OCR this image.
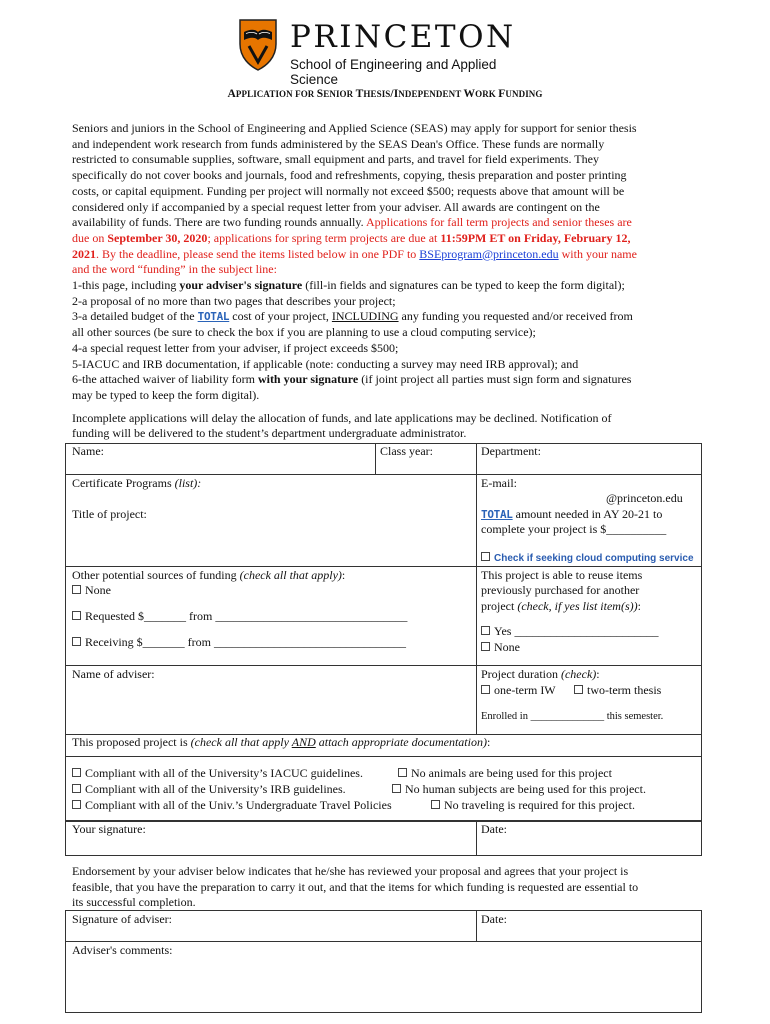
PRINCETON
School of Engineering and Applied Science
APPLICATION FOR SENIOR THESIS/INDEPENDENT WORK FUNDING
Seniors and juniors in the School of Engineering and Applied Science (SEAS) may apply for support for senior thesis
and independent work research from funds administered by the SEAS Dean's Office. These funds are normally
restricted to consumable supplies, software, small equipment and parts, and travel for field experiments. They
specifically do not cover books and journals, food and refreshments, copying, thesis preparation and poster printing
costs, or capital equipment. Funding per project will normally not exceed $500; requests above that amount will be
considered only if accompanied by a special request letter from your adviser. All awards are contingent on the
availability of funds. There are two funding rounds annually. Applications for fall term projects and senior theses are
due on September 30, 2020; applications for spring term projects are due at 11:59PM ET on Friday, February 12,
2021. By the deadline, please send the items listed below in one PDF to BSEprogram@princeton.edu with your name
and the word “funding” in the subject line:
1-this page, including your adviser's signature (fill-in fields and signatures can be typed to keep the form digital);
2-a proposal of no more than two pages that describes your project;
3-a detailed budget of the TOTAL cost of your project, INCLUDING any funding you requested and/or received from
all other sources (be sure to check the box if you are planning to use a cloud computing service);
4-a special request letter from your adviser, if project exceeds $500;
5-IACUC and IRB documentation, if applicable (note: conducting a survey may need IRB approval); and
6-the attached waiver of liability form with your signature (if joint project all parties must sign form and signatures
may be typed to keep the form digital).
Incomplete applications will delay the allocation of funds, and late applications may be declined. Notification of
funding will be delivered to the student’s department undergraduate administrator.
Name:	Class year:	Department:
Certificate Programs (list):
Title of project:
E-mail:
@princeton.edu
TOTAL amount needed in AY 20-21 to
complete your project is $__________
Check if seeking cloud computing service
Other potential sources of funding (check all that apply):
None
Requested $_______ from ________________________________
Receiving $_______ from ________________________________
This project is able to reuse items
previously purchased for another
project (check, if yes list item(s)):
Yes ________________________
None
Name of adviser:	Project duration (check):
one-term IW	two-term thesis
Enrolled in ______________ this semester.
This proposed project is (check all that apply AND attach appropriate documentation):
Compliant with all of the University’s IACUC guidelines.	No animals are being used for this project
Compliant with all of the University’s IRB guidelines.	No human subjects are being used for this project.
Compliant with all of the Univ.’s Undergraduate Travel Policies	No traveling is required for this project.
Your signature:	Date:
Endorsement by your adviser below indicates that he/she has reviewed your proposal and agrees that your project is
feasible, that you have the preparation to carry it out, and that the items for which funding is requested are essential to
its successful completion.
Signature of adviser:	Date:
Adviser's comments:
